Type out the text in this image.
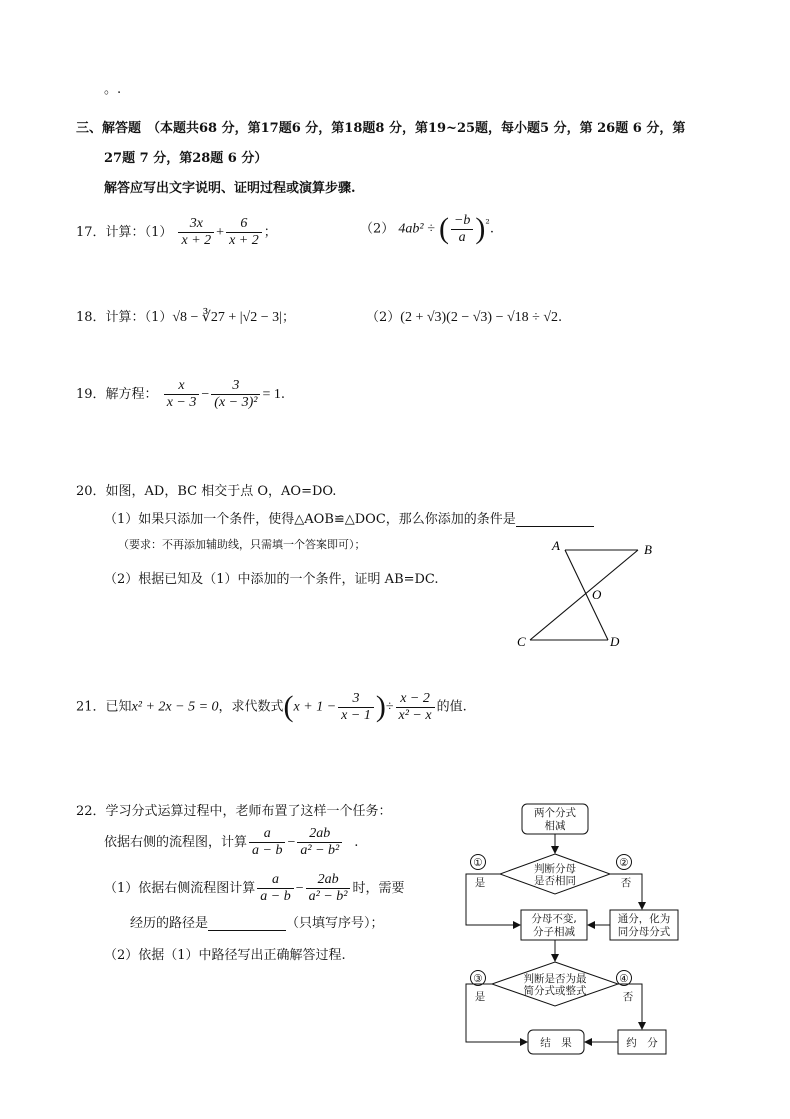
。.
三、解答题 （本题共68 分，第17题6 分，第18题8 分，第19~25题，每小题5 分，第 26题 6 分，第
27题 7 分，第28题 6 分）
解答应写出文字说明、证明过程或演算步骤.
17．计算：$(1) \frac{3x}{x + 2} + \frac{6}{x + 2}$ ；	（2） 4ab² ÷ ( $\frac{-b}{a} )^{^2}$.
18．计算：（1）√8 − ∛27 + |√2 − 3|；	（2）(2 + √3)(2 − √3) − √18 ÷ √2.
19．解方程： $\frac{x}{x - 3} - \frac{3}{\text{(x − 3)²}} = 1$.
20．如图，AD，BC 相交于点 O，AO=DO.
（1）如果只添加一个条件，使得△AOB≌△DOC，那么你添加的条件是
（要求：不再添加辅助线，只需填一个答案即可）；
（2）根据已知及（1）中添加的一个条件，证明 AB=DC.
A	B
O
C	D
21．已知x² + 2x − 5 = 0，求代数式($x + 1 - \frac{3}{x - 1}$ )÷ $\frac{x - 2}{\text{x² − x}}$ 的值.
22．学习分式运算过程中，老师布置了这样一个任务：
依据右侧的流程图，计算 $\frac{a}{a - b} - \frac{2ab}{\text{a² − b²}}$ .
（1）依据右侧流程图计算 $\frac{a}{a - b} - \frac{2ab}{\text{a² − b²}}$ 时，需要
经历的路径是	（只填写序号）；
（2）依据（1）中路径写出正确解答过程.
两个分式
相减
判断分母
是否相同
分母不变,
分子相减
通分，化为
同分母分式
判断是否为最
简分式或整式
结　果	约　分
①	②
③	④
是	否
是	否
